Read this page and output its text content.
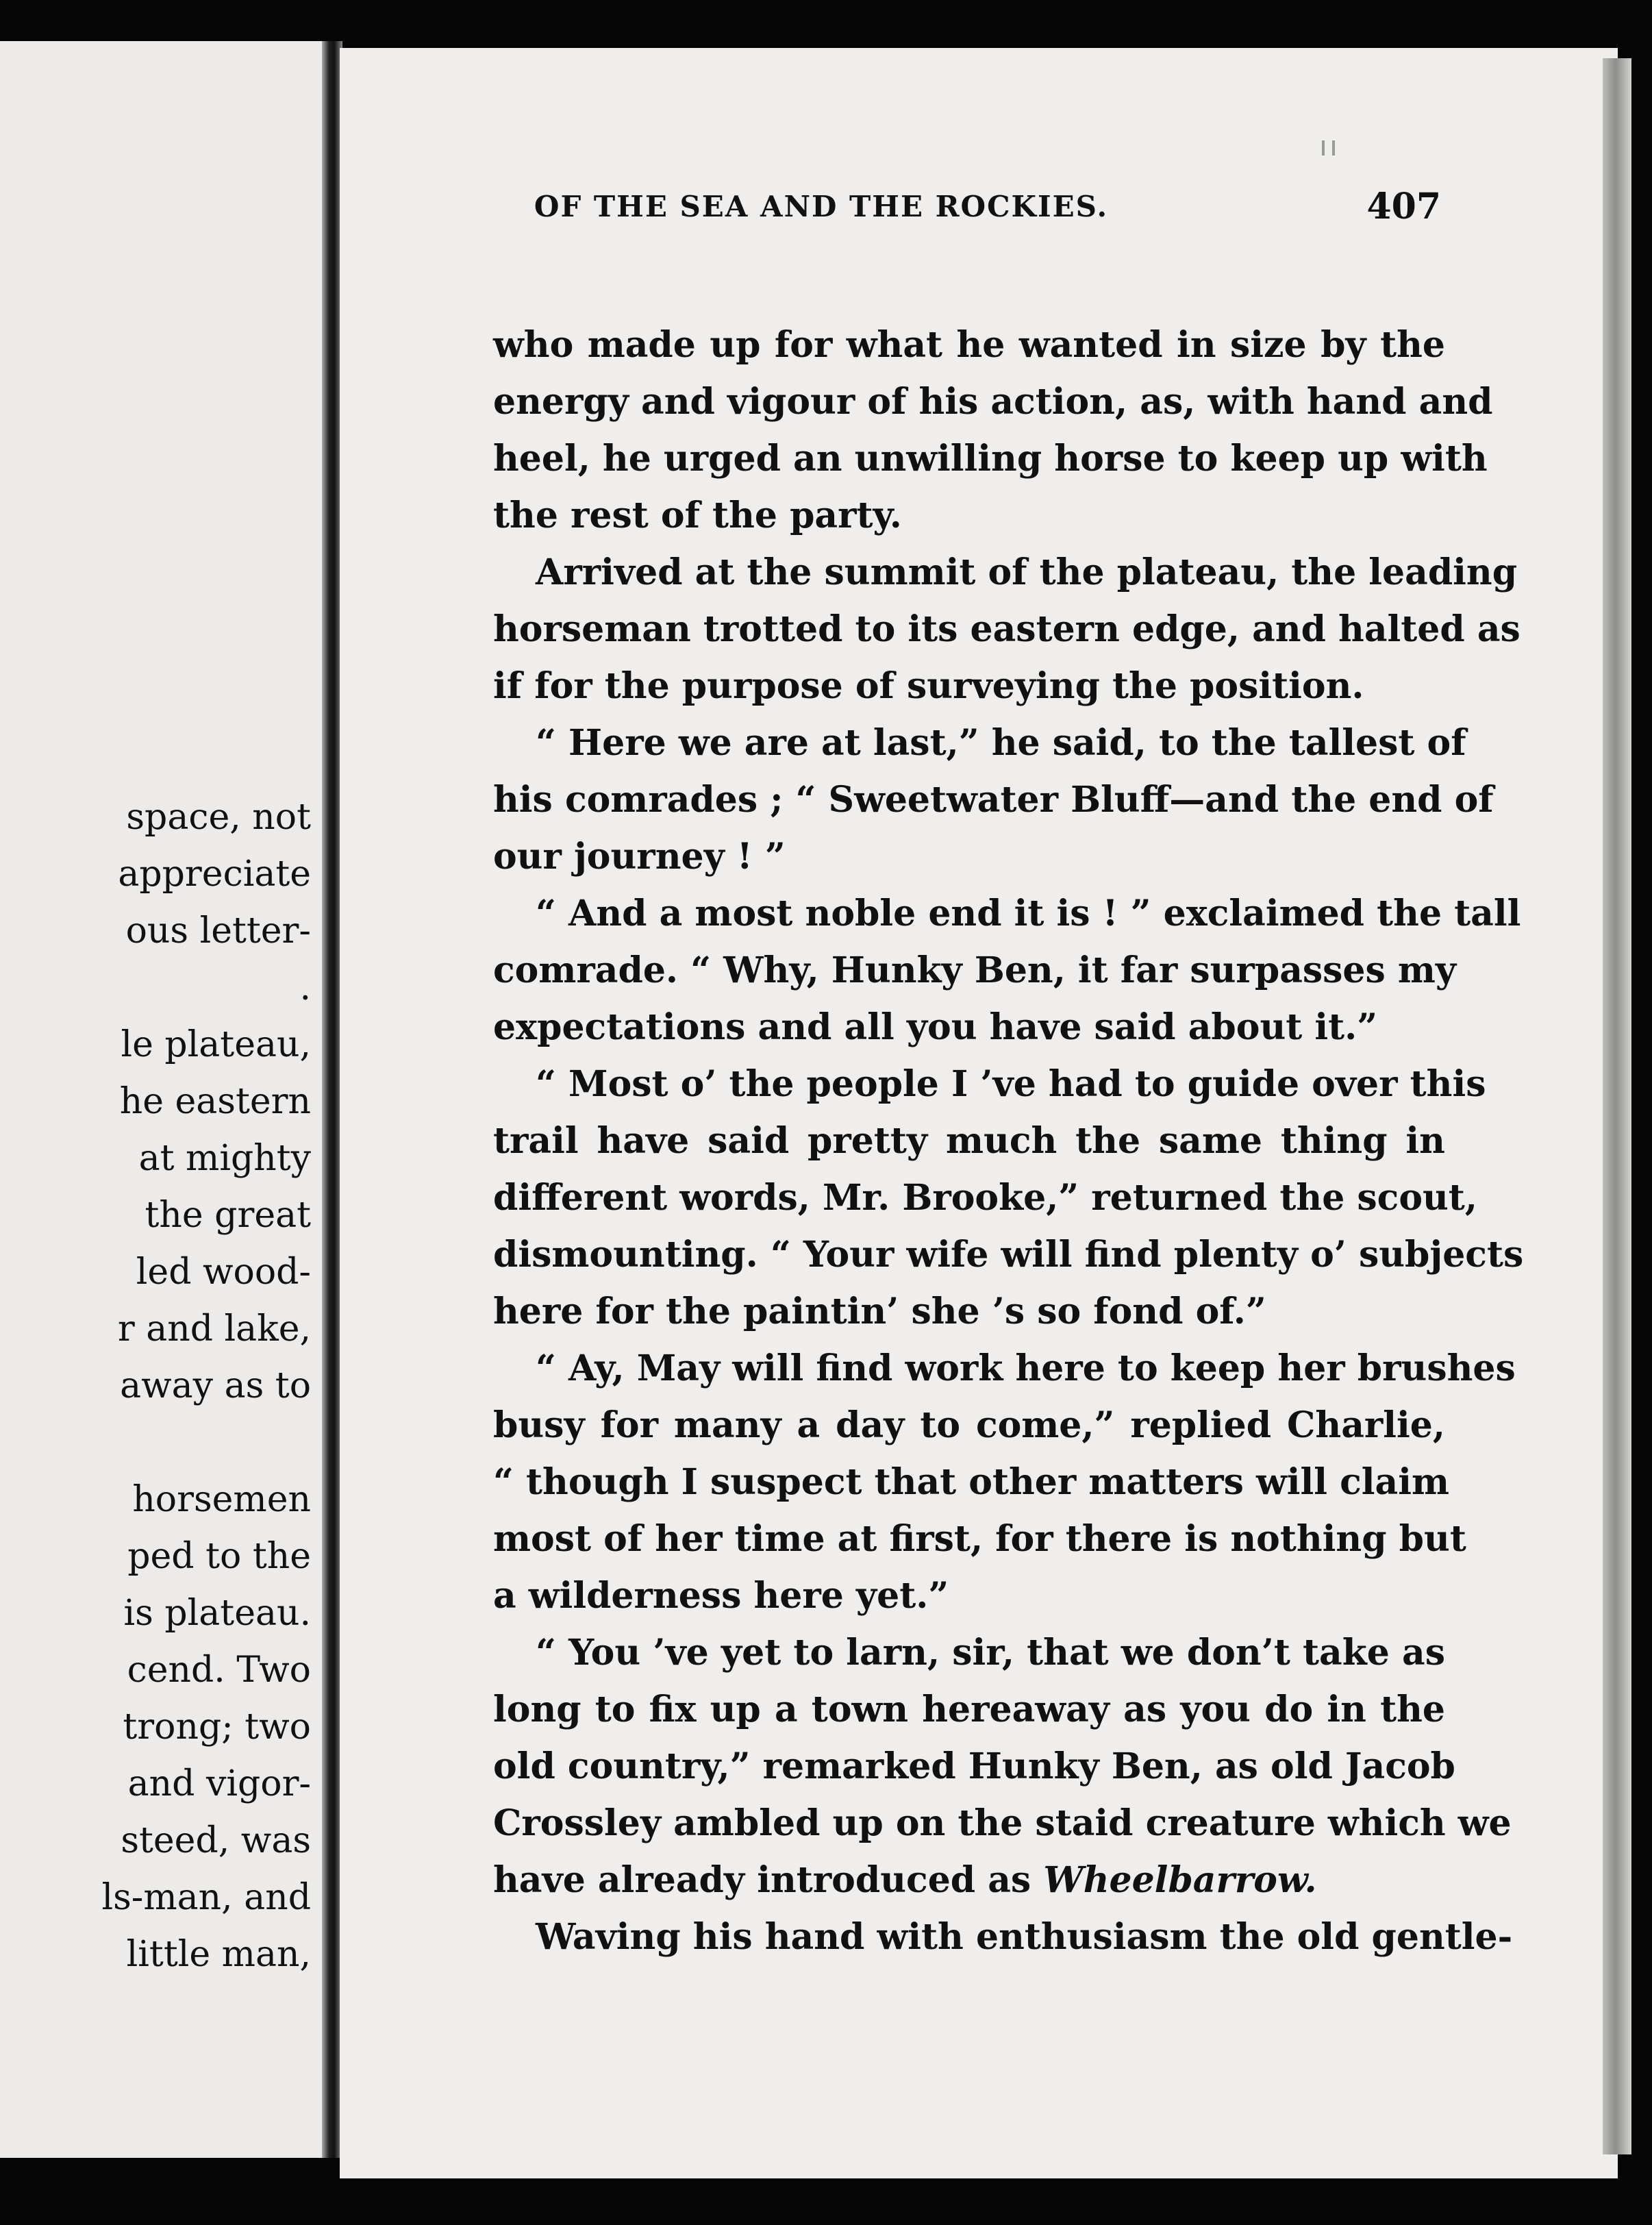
space, not
appreciate
ous letter-
.
le plateau,
he eastern
at mighty
the great
led wood-
r and lake,
away as to
horsemen
ped to the
is plateau.
cend. Two
trong; two
and vigor-
steed, was
ls-man, and
little man,
OF THE SEA AND THE ROCKIES.	407
who made up for what he wanted in size by the
energy and vigour of his action, as, with hand and
heel, he urged an unwilling horse to keep up with
the rest of the party.
Arrived at the summit of the plateau, the leading
horseman trotted to its eastern edge, and halted as
if for the purpose of surveying the position.
“ Here we are at last,” he said, to the tallest of
his comrades ; “ Sweetwater Bluff—and the end of
our journey ! ”
“ And a most noble end it is ! ” exclaimed the tall
comrade. “ Why, Hunky Ben, it far surpasses my
expectations and all you have said about it.”
“ Most o’ the people I ’ve had to guide over this
trail have said pretty much the same thing in
different words, Mr. Brooke,” returned the scout,
dismounting. “ Your wife will find plenty o’ subjects
here for the paintin’ she ’s so fond of.”
“ Ay, May will find work here to keep her brushes
busy for many a day to come,” replied Charlie,
“ though I suspect that other matters will claim
most of her time at first, for there is nothing but
a wilderness here yet.”
“ You ’ve yet to larn, sir, that we don’t take as
long to fix up a town hereaway as you do in the
old country,” remarked Hunky Ben, as old Jacob
Crossley ambled up on the staid creature which we
have already introduced as Wheelbarrow.
Waving his hand with enthusiasm the old gentle-
